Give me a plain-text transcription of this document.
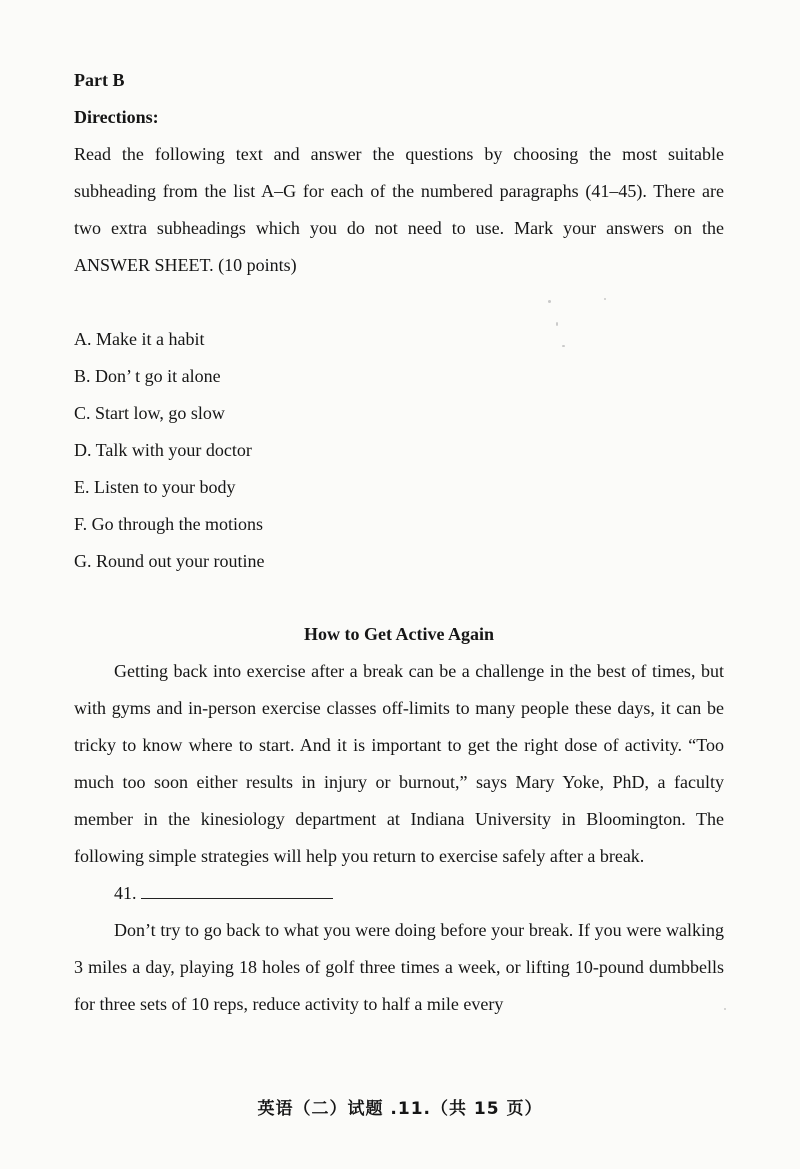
Part B
Directions:

Read the following text and answer the questions by choosing the most suitable subheading from the list A–G for each of the numbered paragraphs (41–45). There are two extra subheadings which you do not need to use. Mark your answers on the ANSWER SHEET. (10 points)

A. Make it a habit
B. Don’ t go it alone
C. Start low, go slow
D. Talk with your doctor
E. Listen to your body
F. Go through the motions
G. Round out your routine

How to Get Active Again

Getting back into exercise after a break can be a challenge in the best of times, but with gyms and in-person exercise classes off-limits to many people these days, it can be tricky to know where to start. And it is important to get the right dose of activity. “Too much too soon either results in injury or burnout,” says Mary Yoke, PhD, a faculty member in the kinesiology department at Indiana University in Bloomington. The following simple strategies will help you return to exercise safely after a break.

41.

Don’t try to go back to what you were doing before your break. If you were walking 3 miles a day, playing 18 holes of golf three times a week, or lifting 10-pound dumbbells for three sets of 10 reps, reduce activity to half a mile every

英语（二）试题 .11.（共 15 页）
